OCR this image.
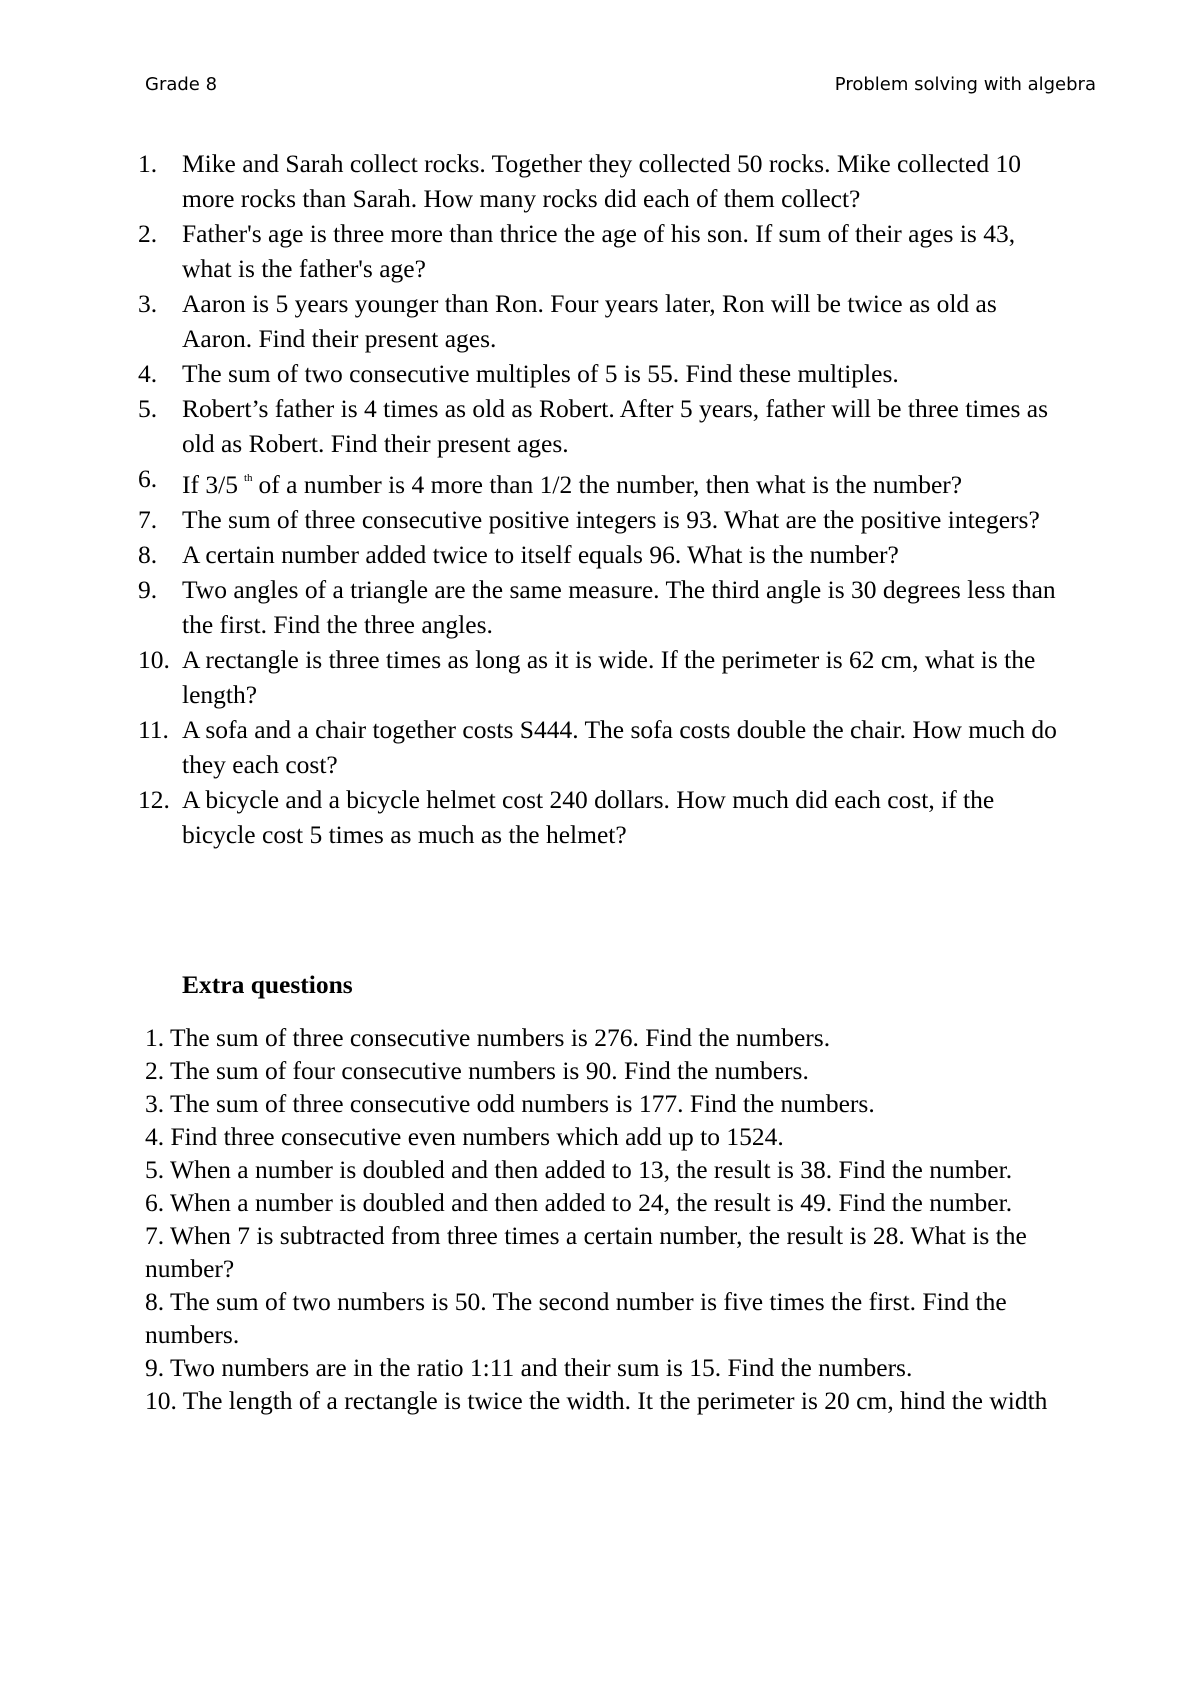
Grade 8	Problem solving with algebra
1. Mike and Sarah collect rocks. Together they collected 50 rocks. Mike collected 10 more rocks than Sarah. How many rocks did each of them collect?
2. Father's age is three more than thrice the age of his son. If sum of their ages is 43, what is the father's age?
3. Aaron is 5 years younger than Ron. Four years later, Ron will be twice as old as Aaron. Find their present ages.
4. The sum of two consecutive multiples of 5 is 55. Find these multiples.
5. Robert’s father is 4 times as old as Robert. After 5 years, father will be three times as old as Robert. Find their present ages.
6. If 3/5 $^{th}$ of a number is 4 more than 1/2 the number, then what is the number?
7. The sum of three consecutive positive integers is 93. What are the positive integers?
8. A certain number added twice to itself equals 96. What is the number?
9. Two angles of a triangle are the same measure. The third angle is 30 degrees less than the first. Find the three angles.
10. A rectangle is three times as long as it is wide. If the perimeter is 62 cm, what is the length?
11. A sofa and a chair together costs S444. The sofa costs double the chair. How much do they each cost?
12. A bicycle and a bicycle helmet cost 240 dollars. How much did each cost, if the bicycle cost 5 times as much as the helmet?
Extra questions
1. The sum of three consecutive numbers is 276. Find the numbers.
2. The sum of four consecutive numbers is 90. Find the numbers.
3. The sum of three consecutive odd numbers is 177. Find the numbers.
4. Find three consecutive even numbers which add up to 1524.
5. When a number is doubled and then added to 13, the result is 38. Find the number.
6. When a number is doubled and then added to 24, the result is 49. Find the number.
7. When 7 is subtracted from three times a certain number, the result is 28. What is the number?
8. The sum of two numbers is 50. The second number is five times the first. Find the numbers.
9. Two numbers are in the ratio 1:11 and their sum is 15. Find the numbers.
10. The length of a rectangle is twice the width. It the perimeter is 20 cm, hind the width
